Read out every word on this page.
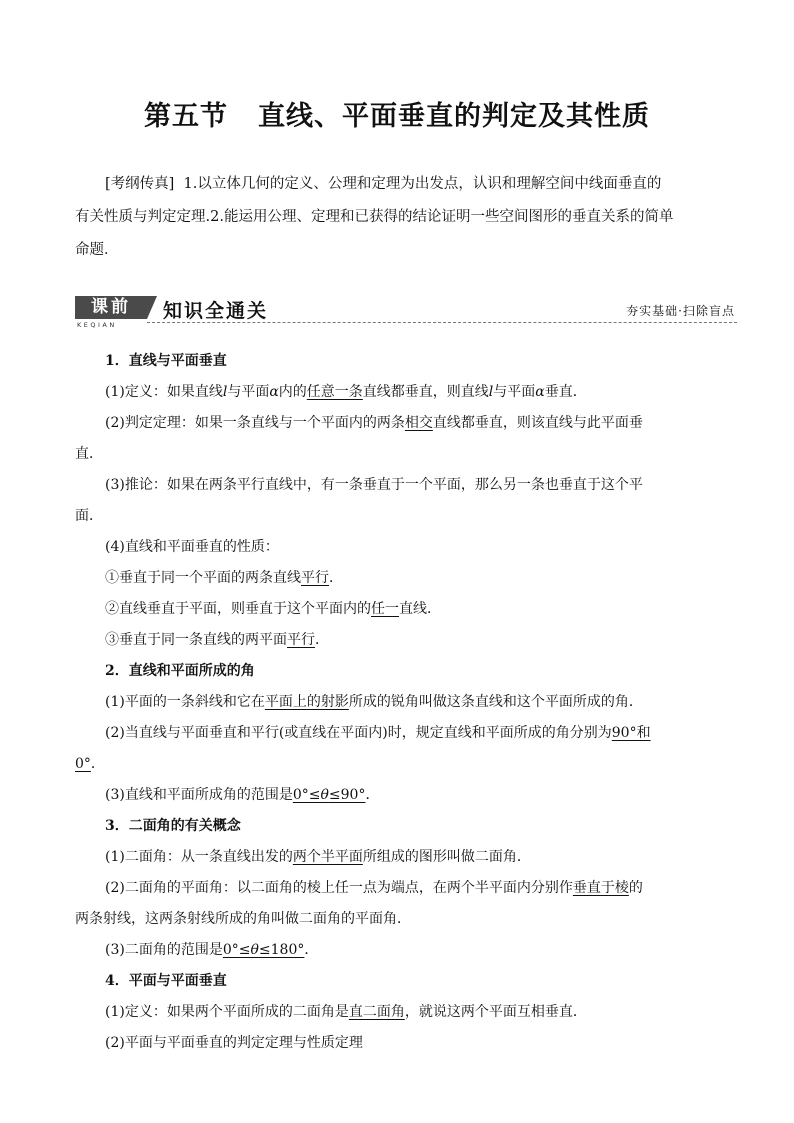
第五节 直线、平面垂直的判定及其性质

[考纲传真] 1.以立体几何的定义、公理和定理为出发点，认识和理解空间中线面垂直的

有关性质与判定定理.2.能运用公理、定理和已获得的结论证明一些空间图形的垂直关系的简单

命题．

课前
KEQIAN
知识全通关	夯实基础·扫除盲点

1．直线与平面垂直

(1)定义：如果直线l与平面α内的任意一条直线都垂直，则直线l与平面α垂直．

(2)判定定理：如果一条直线与一个平面内的两条相交直线都垂直，则该直线与此平面垂

直．

(3)推论：如果在两条平行直线中，有一条垂直于一个平面，那么另一条也垂直于这个平

面．

(4)直线和平面垂直的性质：

①垂直于同一个平面的两条直线平行．

②直线垂直于平面，则垂直于这个平面内的任一直线．

③垂直于同一条直线的两平面平行．

2．直线和平面所成的角

(1)平面的一条斜线和它在平面上的射影所成的锐角叫做这条直线和这个平面所成的角．

(2)当直线与平面垂直和平行(或直线在平面内)时，规定直线和平面所成的角分别为90°和

0°．

(3)直线和平面所成角的范围是0°≤θ≤90°．

3．二面角的有关概念

(1)二面角：从一条直线出发的两个半平面所组成的图形叫做二面角．

(2)二面角的平面角：以二面角的棱上任一点为端点，在两个半平面内分别作垂直于棱的

两条射线，这两条射线所成的角叫做二面角的平面角．

(3)二面角的范围是0°≤θ≤180°．

4．平面与平面垂直

(1)定义：如果两个平面所成的二面角是直二面角，就说这两个平面互相垂直．

(2)平面与平面垂直的判定定理与性质定理
